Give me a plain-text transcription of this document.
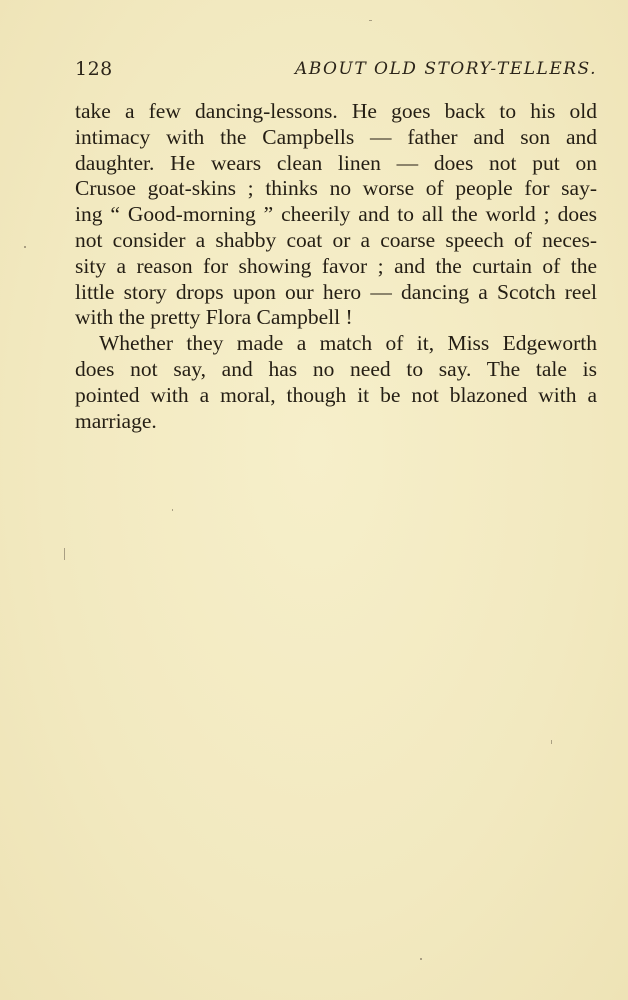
128	ABOUT OLD STORY-TELLERS.
take a few dancing-lessons. He goes back to his old
intimacy with the Campbells — father and son and
daughter. He wears clean linen — does not put on
Crusoe goat-skins ; thinks no worse of people for say-
ing “ Good-morning ” cheerily and to all the world ; does
not consider a shabby coat or a coarse speech of neces-
sity a reason for showing favor ; and the curtain of the
little story drops upon our hero — dancing a Scotch reel
with the pretty Flora Campbell !
Whether they made a match of it, Miss Edgeworth
does not say, and has no need to say. The tale is
pointed with a moral, though it be not blazoned with a
marriage.
